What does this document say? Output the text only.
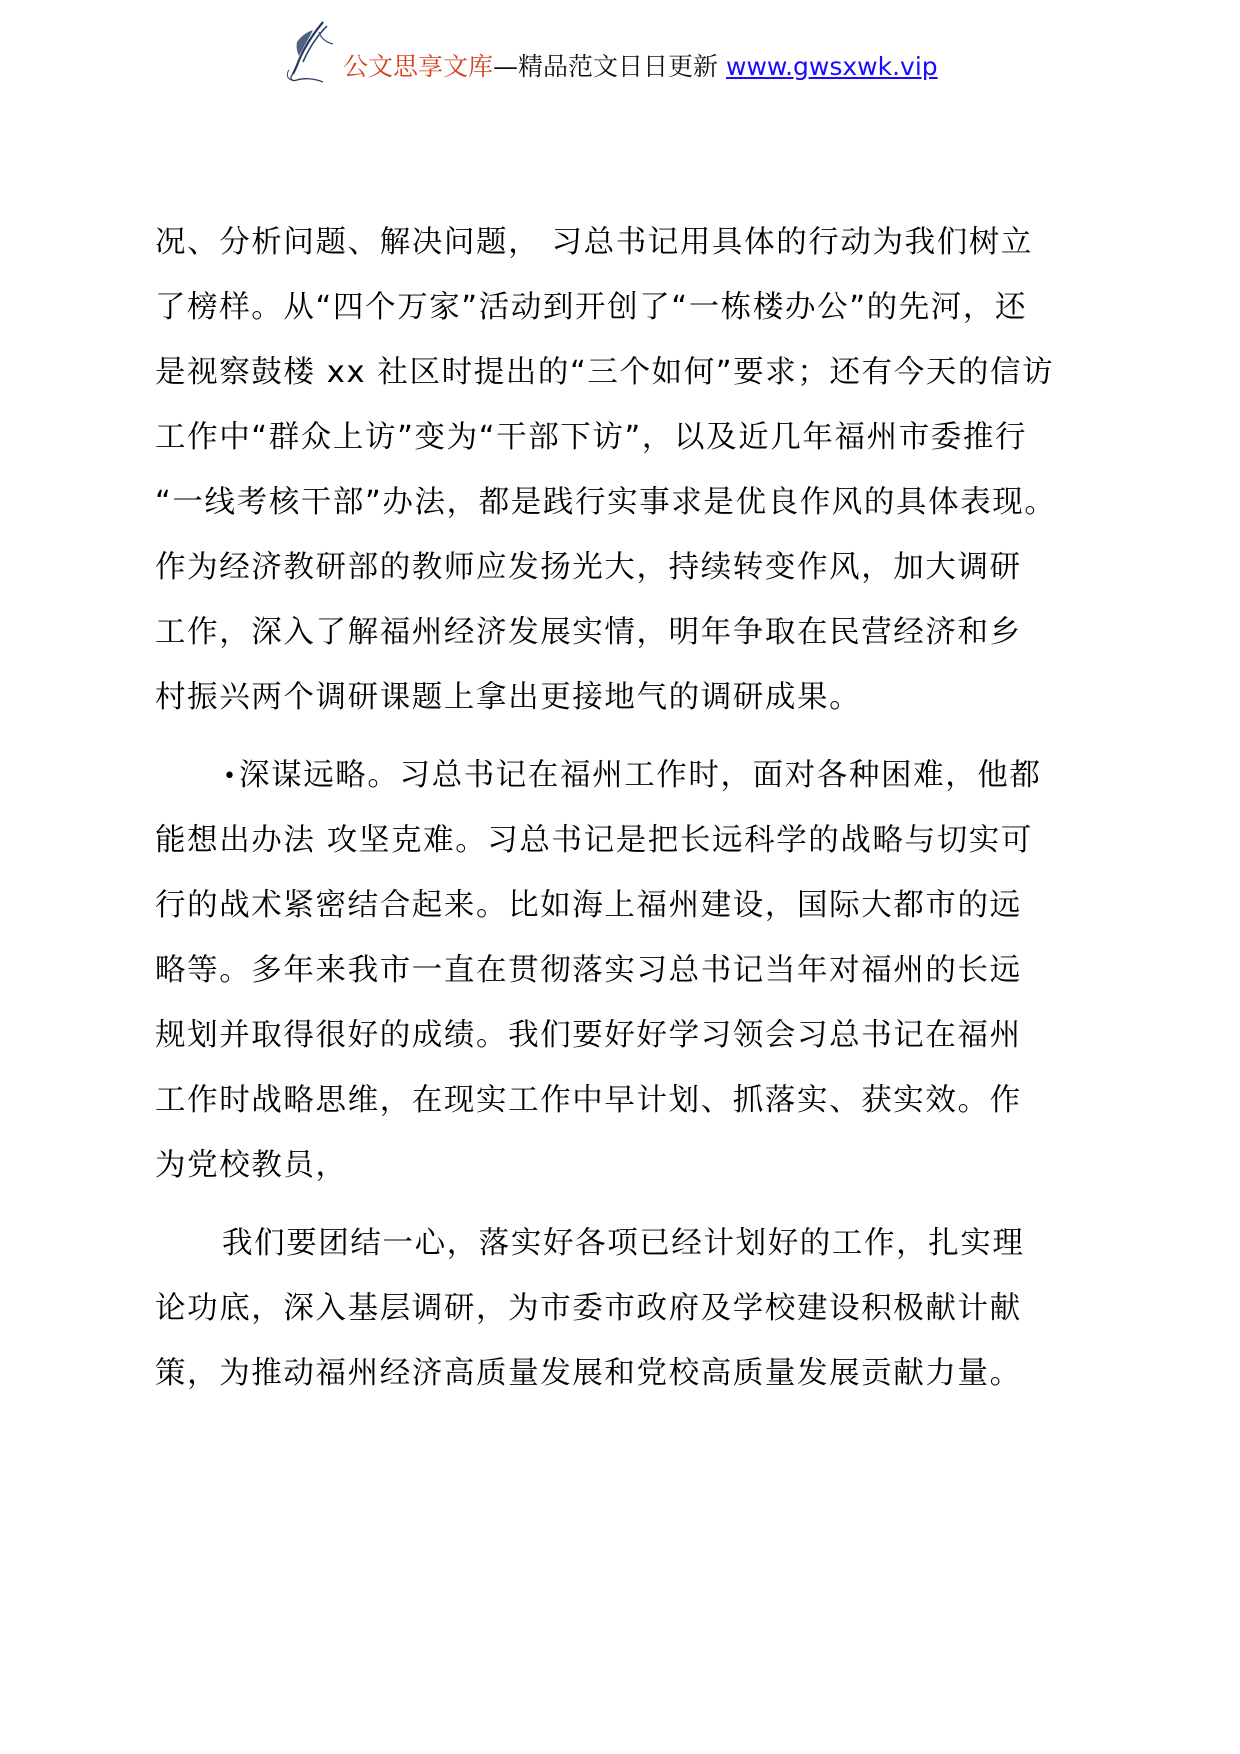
公文思享文库—精品范文日日更新 www.gwsxwk.vip
况、分析问题、解决问题， 习总书记用具体的行动为我们树立
了榜样。从“四个万家”活动到开创了“一栋楼办公”的先河，还
是视察鼓楼 xx 社区时提出的“三个如何”要求；还有今天的信访
工作中“群众上访”变为“干部下访”，以及近几年福州市委推行
“一线考核干部”办法，都是践行实事求是优良作风的具体表现。
作为经济教研部的教师应发扬光大，持续转变作风，加大调研
工作，深入了解福州经济发展实情，明年争取在民营经济和乡
村振兴两个调研课题上拿出更接地气的调研成果。
•深谋远略。习总书记在福州工作时，面对各种困难，他都
能想出办法 攻坚克难。习总书记是把长远科学的战略与切实可
行的战术紧密结合起来。比如海上福州建设，国际大都市的远
略等。多年来我市一直在贯彻落实习总书记当年对福州的长远
规划并取得很好的成绩。我们要好好学习领会习总书记在福州
工作时战略思维，在现实工作中早计划、抓落实、获实效。作
为党校教员，
我们要团结一心，落实好各项已经计划好的工作，扎实理
论功底，深入基层调研，为市委市政府及学校建设积极献计献
策，为推动福州经济高质量发展和党校高质量发展贡献力量。
